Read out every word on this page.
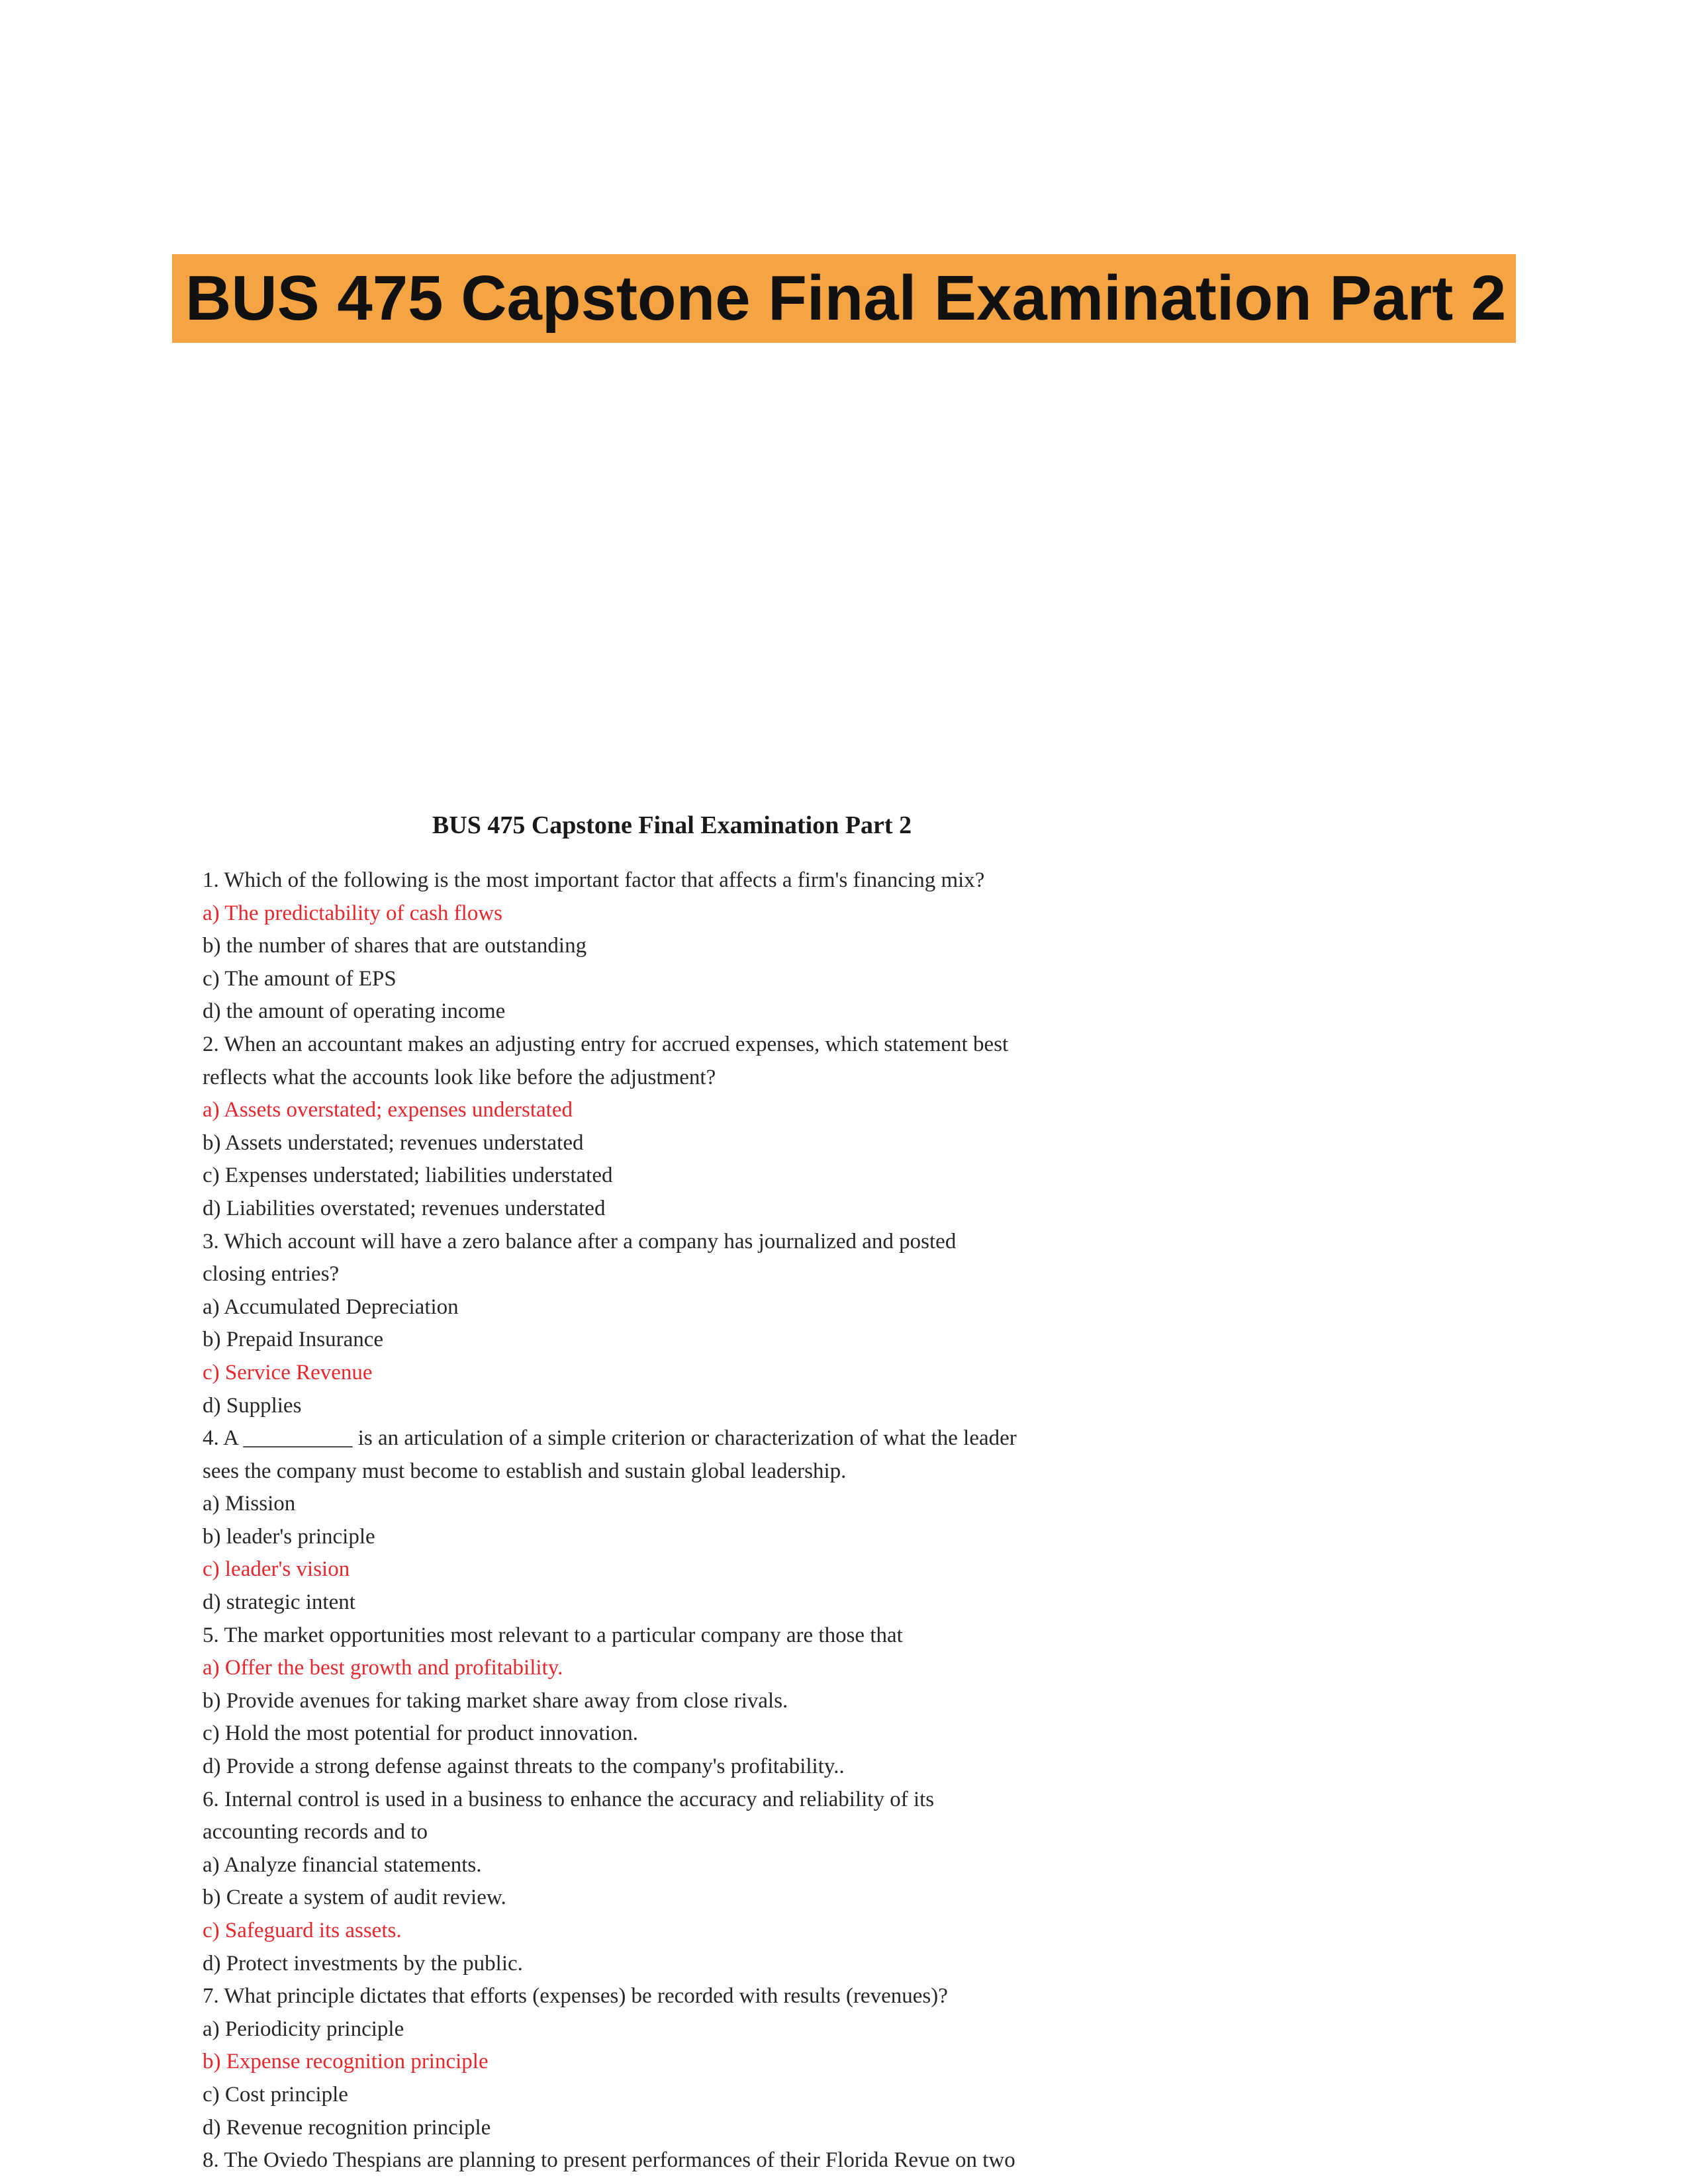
BUS 475 Capstone Final Examination Part 2
BUS 475 Capstone Final Examination Part 2
1. Which of the following is the most important factor that affects a firm's financing mix?
a) The predictability of cash flows
b) the number of shares that are outstanding
c) The amount of EPS
d) the amount of operating income
2. When an accountant makes an adjusting entry for accrued expenses, which statement best
reflects what the accounts look like before the adjustment?
a) Assets overstated; expenses understated
b) Assets understated; revenues understated
c) Expenses understated; liabilities understated
d) Liabilities overstated; revenues understated
3. Which account will have a zero balance after a company has journalized and posted
closing entries?
a) Accumulated Depreciation
b) Prepaid Insurance
c) Service Revenue
d) Supplies
4. A __________ is an articulation of a simple criterion or characterization of what the leader
sees the company must become to establish and sustain global leadership.
a) Mission
b) leader's principle
c) leader's vision
d) strategic intent
5. The market opportunities most relevant to a particular company are those that
a) Offer the best growth and profitability.
b) Provide avenues for taking market share away from close rivals.
c) Hold the most potential for product innovation.
d) Provide a strong defense against threats to the company's profitability..
6. Internal control is used in a business to enhance the accuracy and reliability of its
accounting records and to
a) Analyze financial statements.
b) Create a system of audit review.
c) Safeguard its assets.
d) Protect investments by the public.
7. What principle dictates that efforts (expenses) be recorded with results (revenues)?
a) Periodicity principle
b) Expense recognition principle
c) Cost principle
d) Revenue recognition principle
8. The Oviedo Thespians are planning to present performances of their Florida Revue on two
